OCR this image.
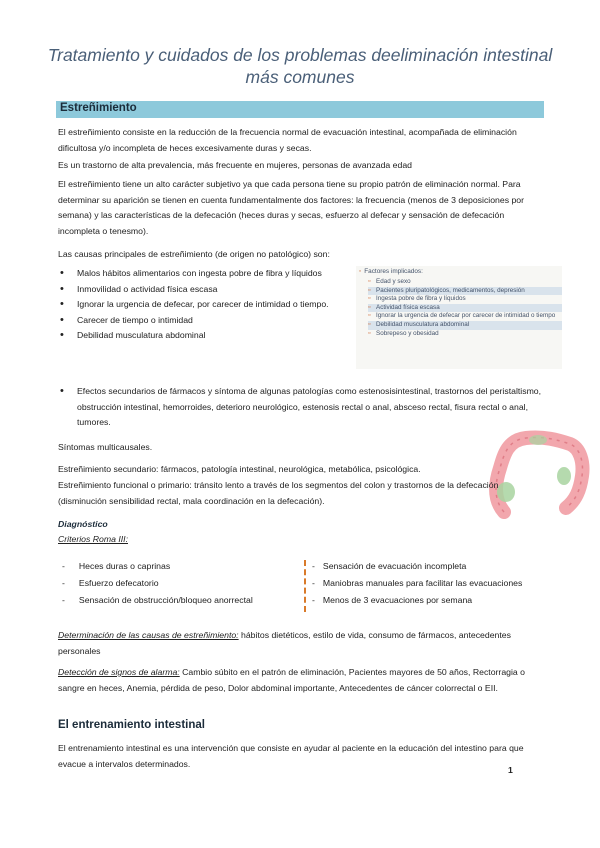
Tratamiento y cuidados de los problemas deeliminación intestinal
más comunes
Estreñimiento
El estreñimiento consiste en la reducción de la frecuencia normal de evacuación intestinal, acompañada de eliminación dificultosa y/o incompleta de heces excesivamente duras y secas.
Es un trastorno de alta prevalencia, más frecuente en mujeres, personas de avanzada edad
El estreñimiento tiene un alto carácter subjetivo ya que cada persona tiene su propio patrón de eliminación normal. Para determinar su aparición se tienen en cuenta fundamentalmente dos factores: la frecuencia (menos de 3 deposiciones por semana) y las características de la defecación (heces duras y secas, esfuerzo al defecar y sensación de defecación incompleta o tenesmo).
Las causas principales de estreñimiento (de origen no patológico) son:
• Malos hábitos alimentarios con ingesta pobre de fibra y líquidos
• Inmovilidad o actividad física escasa
• Ignorar la urgencia de defecar, por carecer de intimidad o tiempo.
• Carecer de tiempo o intimidad
• Debilidad musculatura abdominal
• Efectos secundarios de fármacos y síntoma de algunas patologías como estenosisintestinal, trastornos del peristaltismo, obstrucción intestinal, hemorroides, deterioro neurológico, estenosis rectal o anal, absceso rectal, fisura rectal o anal, tumores.
▫ Factores implicados:
▫ Edad y sexo
▫ Pacientes pluripatológicos, medicamentos, depresión
▫ Ingesta pobre de fibra y líquidos
▫ Actividad física escasa
▫ Ignorar la urgencia de defecar por carecer de intimidad o tiempo
▫ Debilidad musculatura abdominal
▫ Sobrepeso y obesidad
Síntomas multicausales.
Estreñimiento secundario: fármacos, patología intestinal, neurológica, metabólica, psicológica.
Estreñimiento funcional o primario: tránsito lento a través de los segmentos del colon y trastornos de la defecación (disminución sensibilidad rectal, mala coordinación en la defecación).
Diagnóstico
Criterios Roma III:
- Heces duras o caprinas
- Esfuerzo defecatorio
- Sensación de obstrucción/bloqueo anorrectal
- Sensación de evacuación incompleta
- Maniobras manuales para facilitar las evacuaciones
- Menos de 3 evacuaciones por semana
Determinación de las causas de estreñimiento: hábitos dietéticos, estilo de vida, consumo de fármacos, antecedentes personales
Detección de signos de alarma: Cambio súbito en el patrón de eliminación, Pacientes mayores de 50 años, Rectorragia o sangre en heces, Anemia, pérdida de peso, Dolor abdominal importante, Antecedentes de cáncer colorrectal o EII.
El entrenamiento intestinal
El entrenamiento intestinal es una intervención que consiste en ayudar al paciente en la educación del intestino para que evacue a intervalos determinados.
1
